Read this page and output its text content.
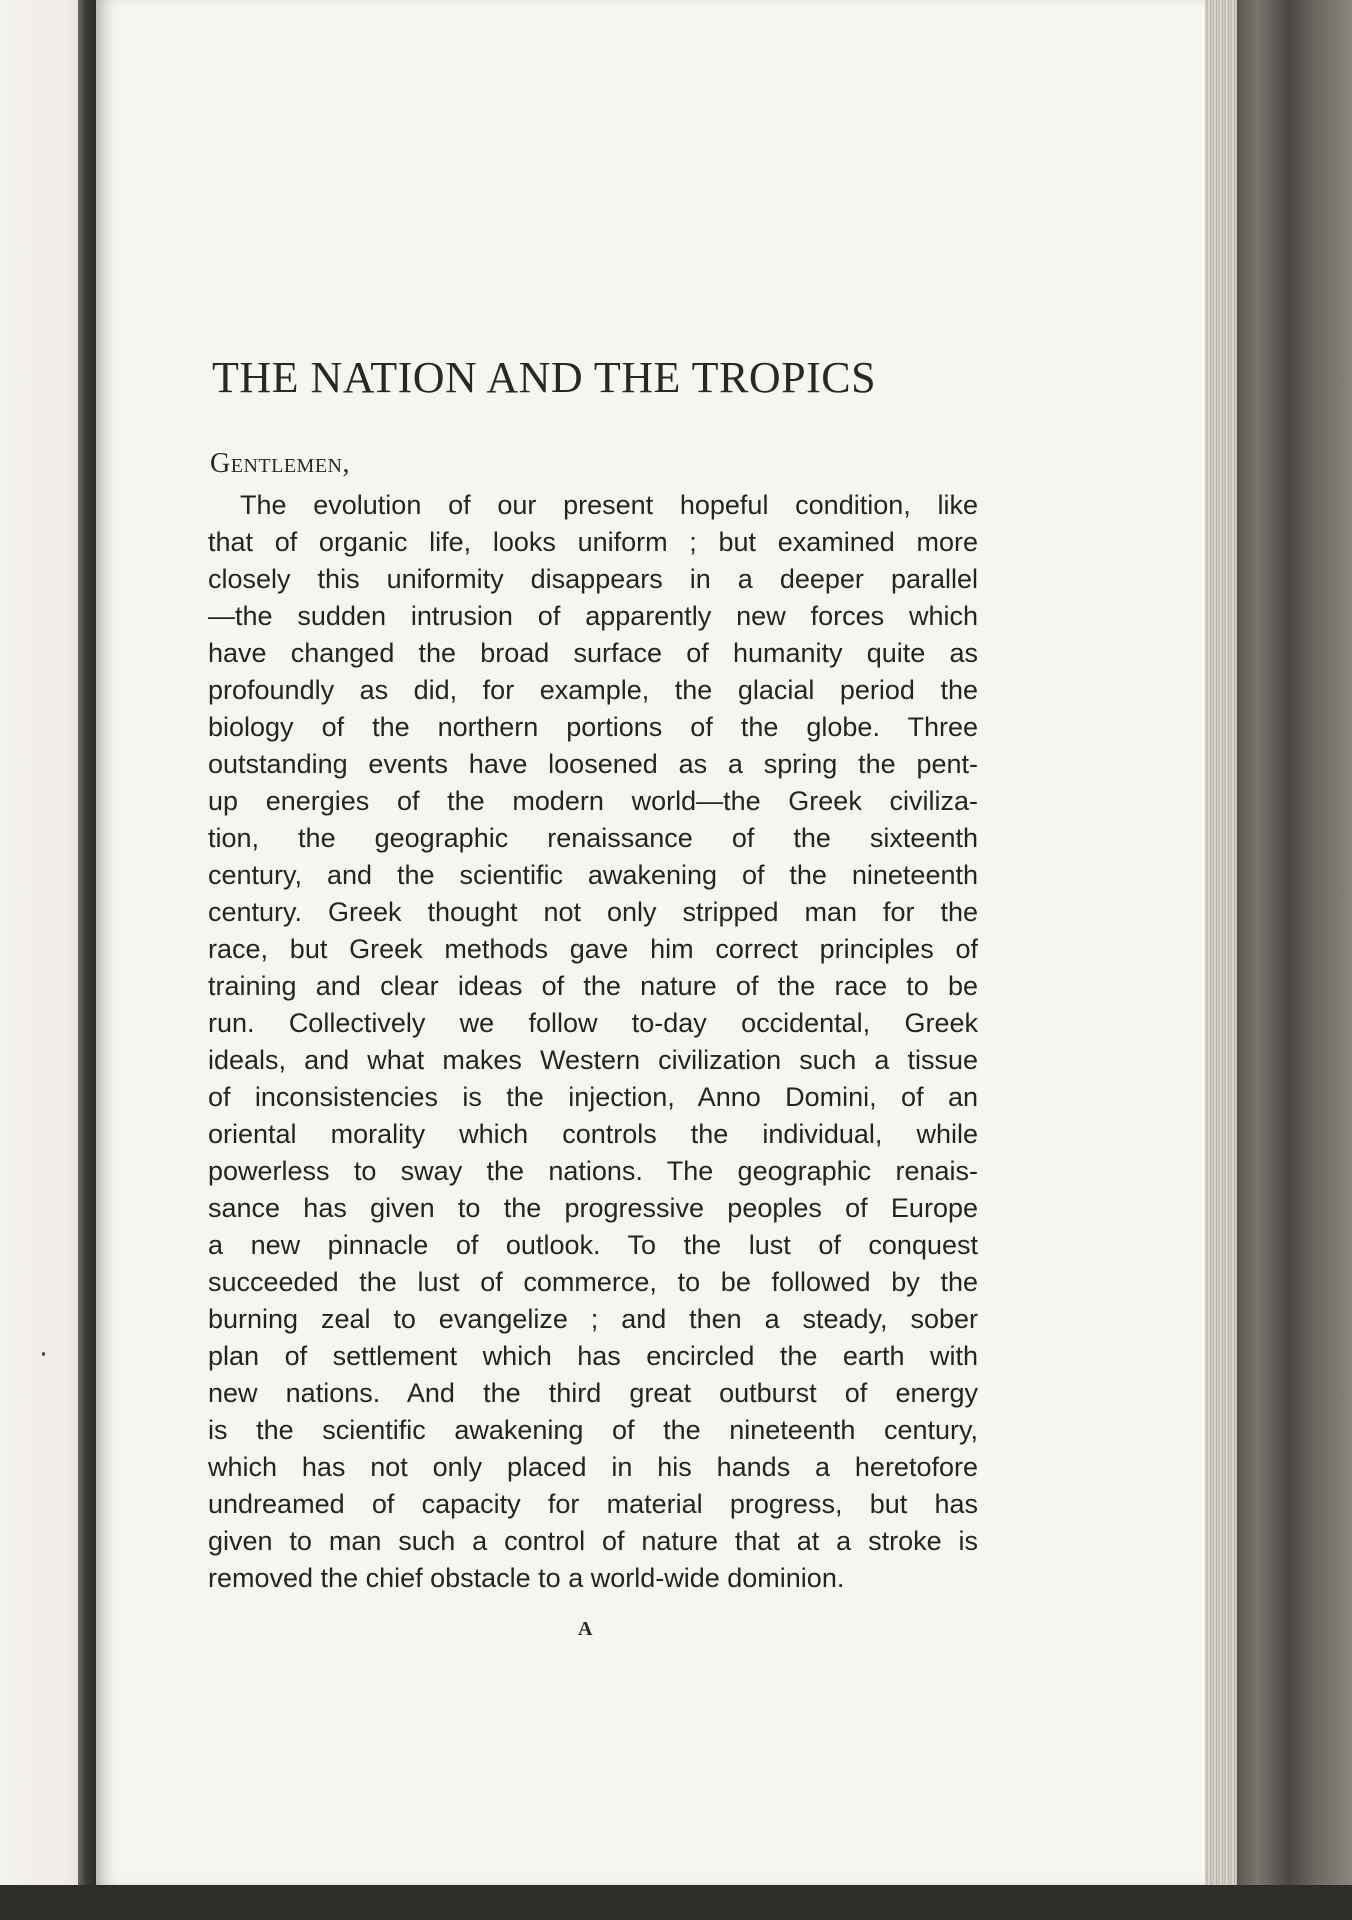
THE NATION AND THE TROPICS

Gentlemen,

The evolution of our present hopeful condition, like
that of organic life, looks uniform ; but examined more
closely this uniformity disappears in a deeper parallel
—the sudden intrusion of apparently new forces which
have changed the broad surface of humanity quite as
profoundly as did, for example, the glacial period the
biology of the northern portions of the globe. Three
outstanding events have loosened as a spring the pent-
up energies of the modern world—the Greek civiliza-
tion, the geographic renaissance of the sixteenth
century, and the scientific awakening of the nineteenth
century. Greek thought not only stripped man for the
race, but Greek methods gave him correct principles of
training and clear ideas of the nature of the race to be
run. Collectively we follow to-day occidental, Greek
ideals, and what makes Western civilization such a tissue
of inconsistencies is the injection, Anno Domini, of an
oriental morality which controls the individual, while
powerless to sway the nations. The geographic renais-
sance has given to the progressive peoples of Europe
a new pinnacle of outlook. To the lust of conquest
succeeded the lust of commerce, to be followed by the
burning zeal to evangelize ; and then a steady, sober
plan of settlement which has encircled the earth with
new nations. And the third great outburst of energy
is the scientific awakening of the nineteenth century,
which has not only placed in his hands a heretofore
undreamed of capacity for material progress, but has
given to man such a control of nature that at a stroke is
removed the chief obstacle to a world-wide dominion.
A
